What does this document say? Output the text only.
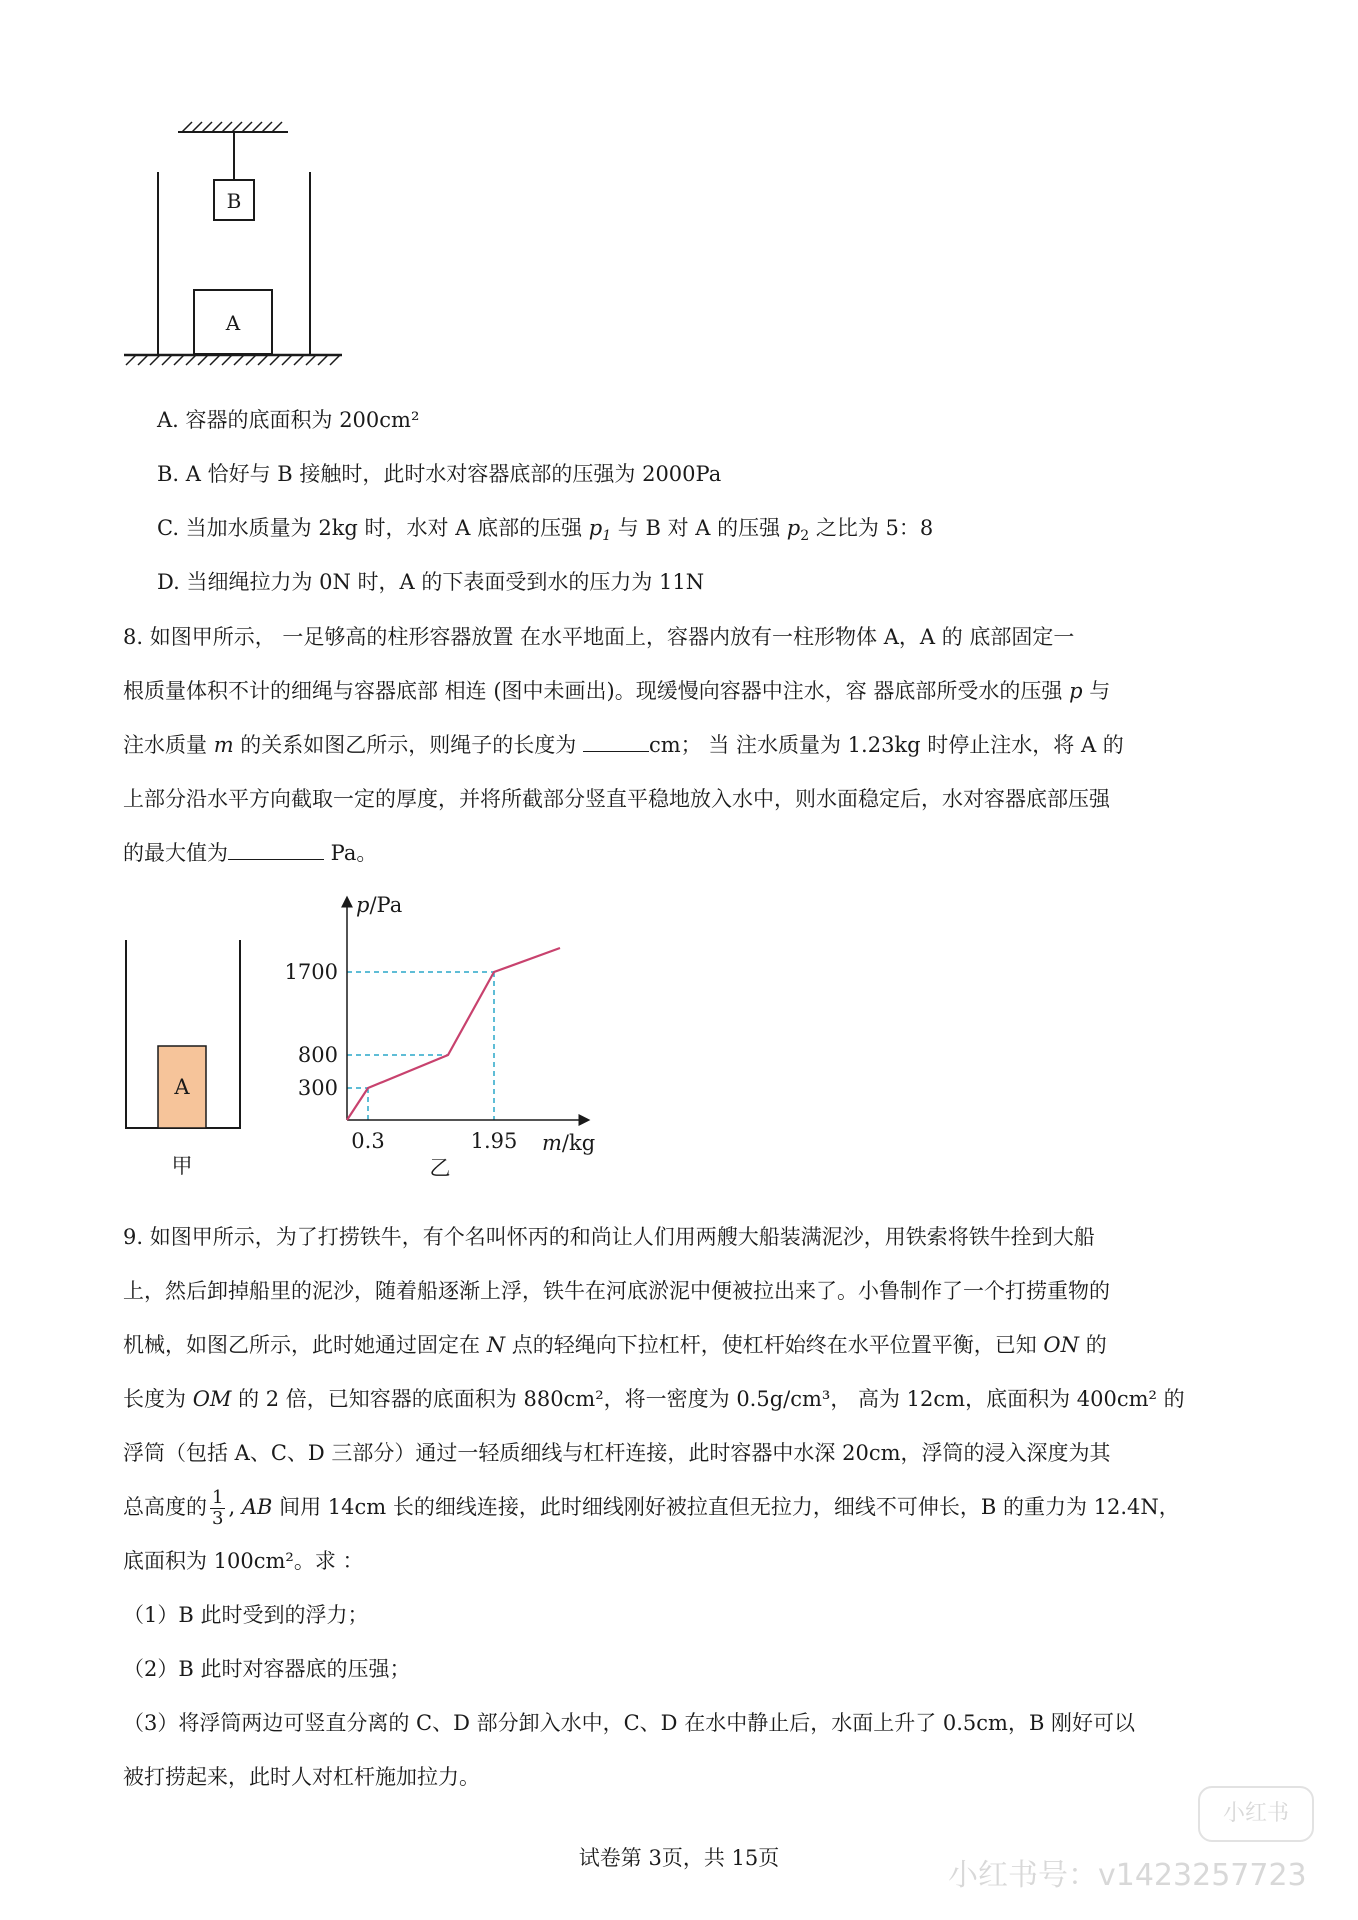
B
A
A. 容器的底面积为 200cm²
B. A 恰好与 B 接触时，此时水对容器底部的压强为 2000Pa
C. 当加水质量为 2kg 时，水对 A 底部的压强 $p_1$ 与 B 对 A 的压强 $p_2$ 之比为 5：8
D. 当细绳拉力为 0N 时，A 的下表面受到水的压力为 11N

8. 如图甲所示， 一足够高的柱形容器放置 在水平地面上，容器内放有一柱形物体 A，A 的 底部固定一

根质量体积不计的细绳与容器底部 相连 (图中未画出)。现缓慢向容器中注水，容 器底部所受水的压强 p 与

注水质量 m 的关系如图乙所示，则绳子的长度为	cm； 当 注水质量为 1.23kg 时停止注水，将 A 的

上部分沿水平方向截取一定的厚度，并将所截部分竖直平稳地放入水中，则水面稳定后，水对容器底部压强

的最大值为	Pa。

A
甲
p/Pa
m/kg
300
800
1700
0.3	1.95
乙

9. 如图甲所示，为了打捞铁牛，有个名叫怀丙的和尚让人们用两艘大船装满泥沙，用铁索将铁牛拴到大船

上，然后卸掉船里的泥沙，随着船逐渐上浮，铁牛在河底淤泥中便被拉出来了。小鲁制作了一个打捞重物的

机械，如图乙所示，此时她通过固定在 N 点的轻绳向下拉杠杆，使杠杆始终在水平位置平衡，已知 ON 的

长度为 OM 的 2 倍，已知容器的底面积为 880cm²，将一密度为 0.5g/cm³， 高为 12cm，底面积为 400cm² 的

浮筒（包括 A、C、D 三部分）通过一轻质细线与杠杆连接，此时容器中水深 20cm，浮筒的浸入深度为其

总高度的 $\frac{1}{3}$ , AB 间用 14cm 长的细线连接，此时细线刚好被拉直但无拉力，细线不可伸长，B 的重力为 12.4N，

底面积为 100cm²。求 ：

（1）B 此时受到的浮力；

（2）B 此时对容器底的压强；

（3）将浮筒两边可竖直分离的 C、D 部分卸入水中，C、D 在水中静止后，水面上升了 0.5cm，B 刚好可以

被打捞起来，此时人对杠杆施加拉力。

试卷第 3页，共 15页
小红书
小红书号：v1423257723
